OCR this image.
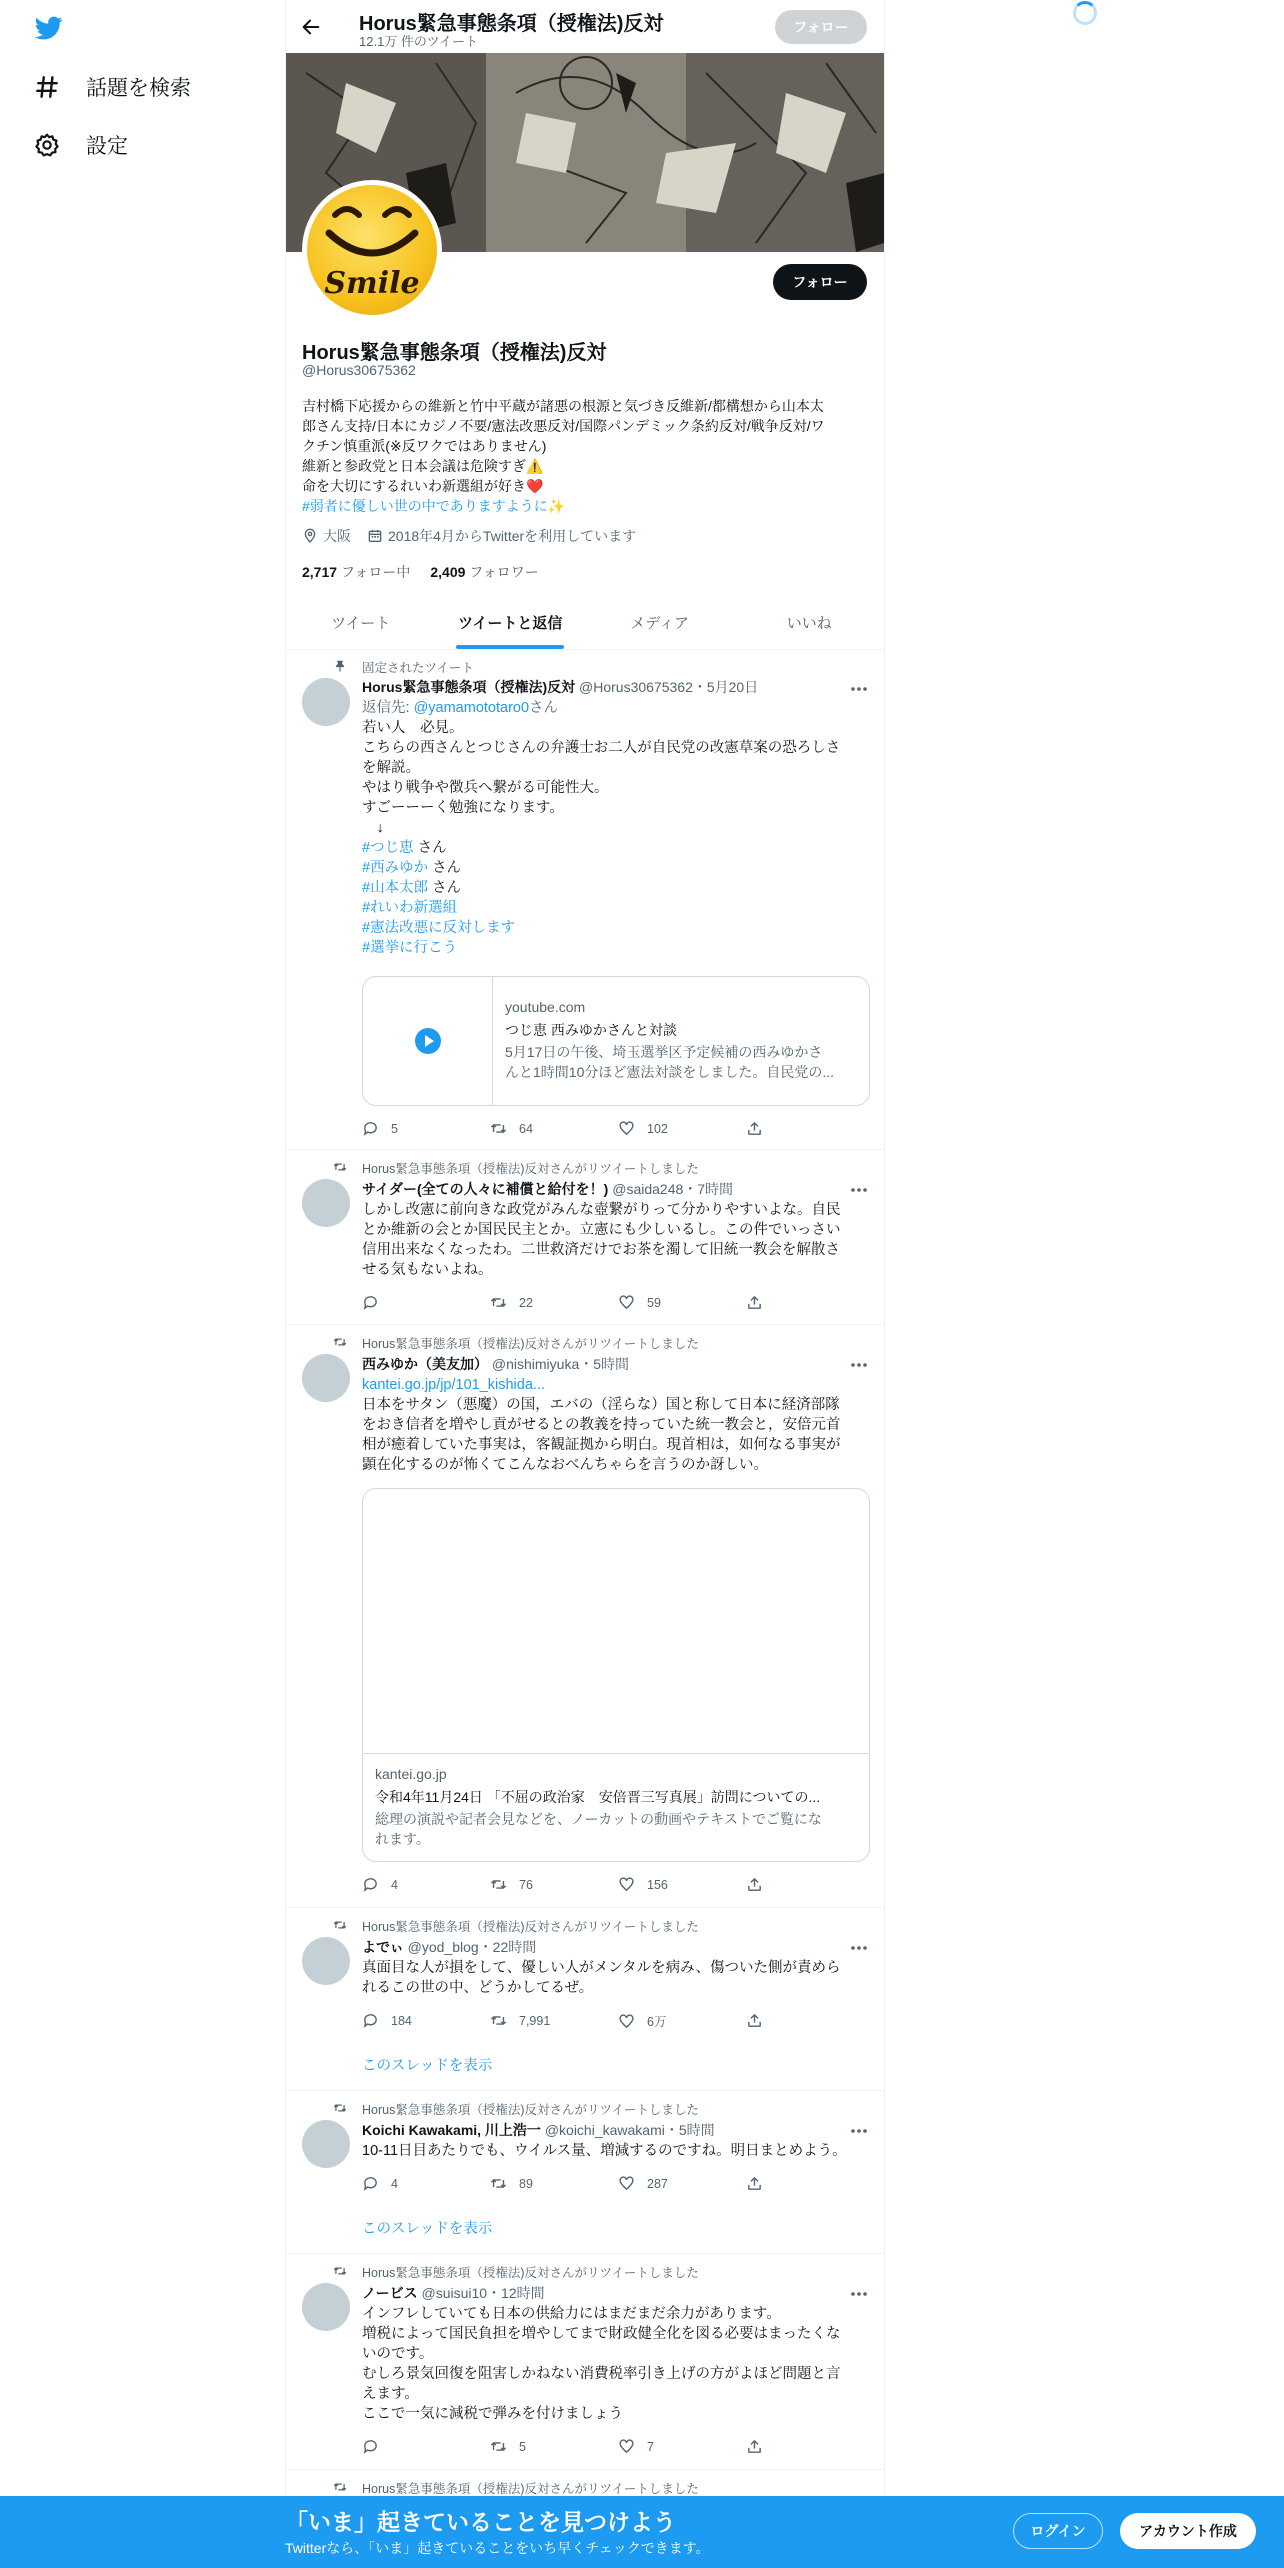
話題を検索
設定
Horus緊急事態条項（授権法)反対
12.1万 件のツイート
フォロー
Smile	フォロー
Horus緊急事態条項（授権法)反対
@Horus30675362
吉村橋下応援からの維新と竹中平蔵が諸悪の根源と気づき反維新/都構想から山本太
郎さん支持/日本にカジノ不要/憲法改悪反対/国際パンデミック条約反対/戦争反対/ワ
クチン慎重派(※反ワクではありません)
維新と参政党と日本会議は危険すぎ⚠️
命を大切にするれいわ新選組が好き❤️
#弱者に優しい世の中でありますように✨
大阪	2018年4月からTwitterを利用しています
2,717 フォロー中 2,409 フォロワー
ツイート	ツイートと返信	メディア	いいね
固定されたツイート
Horus緊急事態条項（授権法)反対 @Horus30675362・5月20日
返信先: @yamamototaro0さん
若い人　必見。
こちらの西さんとつじさんの弁護士お二人が自民党の改憲草案の恐ろしさ
を解説。
やはり戦争や徴兵へ繋がる可能性大。
すごーーーく勉強になります。
　↓
#つじ恵 さん
#西みゆか さん
#山本太郎 さん
#れいわ新選組
#憲法改悪に反対します
#選挙に行こう
youtube.com
つじ恵 西みゆかさんと対談
5月17日の午後、埼玉選挙区予定候補の西みゆかさ
んと1時間10分ほど憲法対談をしました。自民党の...
5	64	102
Horus緊急事態条項（授権法)反対さんがリツイートしました
サイダー(全ての人々に補償と給付を！) @saida248・7時間
しかし改憲に前向きな政党がみんな壺繋がりって分かりやすいよな。自民
とか維新の会とか国民民主とか。立憲にも少しいるし。この件でいっさい
信用出来なくなったわ。二世救済だけでお茶を濁して旧統一教会を解散さ
せる気もないよね。
22	59
Horus緊急事態条項（授権法)反対さんがリツイートしました
西みゆか（美友加） @nishimiyuka・5時間
kantei.go.jp/jp/101_kishida...
日本をサタン（悪魔）の国，エバの（淫らな）国と称して日本に経済部隊
をおき信者を増やし貢がせるとの教義を持っていた統一教会と，安倍元首
相が癒着していた事実は，客観証拠から明白。現首相は，如何なる事実が
顕在化するのが怖くてこんなおべんちゃらを言うのか訝しい。
kantei.go.jp
令和4年11月24日 「不屈の政治家　安倍晋三写真展」訪問についての...
総理の演説や記者会見などを、ノーカットの動画やテキストでご覧にな
れます。
4	76	156
Horus緊急事態条項（授権法)反対さんがリツイートしました
よでぃ @yod_blog・22時間
真面目な人が損をして、優しい人がメンタルを病み、傷ついた側が責めら
れるこの世の中、どうかしてるぜ。
184	7,991	6万
このスレッドを表示
Horus緊急事態条項（授権法)反対さんがリツイートしました
Koichi Kawakami, 川上浩一 @koichi_kawakami・5時間
10-11日目あたりでも、ウイルス量、増減するのですね。明日まとめよう。
4	89	287
このスレッドを表示
Horus緊急事態条項（授権法)反対さんがリツイートしました
ノービス @suisui10・12時間
インフレしていても日本の供給力にはまだまだ余力があります。
増税によって国民負担を増やしてまで財政健全化を図る必要はまったくな
いのです。
むしろ景気回復を阻害しかねない消費税率引き上げの方がよほど問題と言
えます。
ここで一気に減税で弾みを付けましょう
5	7
Horus緊急事態条項（授権法)反対さんがリツイートしました
「いま」起きていることを見つけよう
Twitterなら、「いま」起きていることをいち早くチェックできます。
ログイン	アカウント作成
